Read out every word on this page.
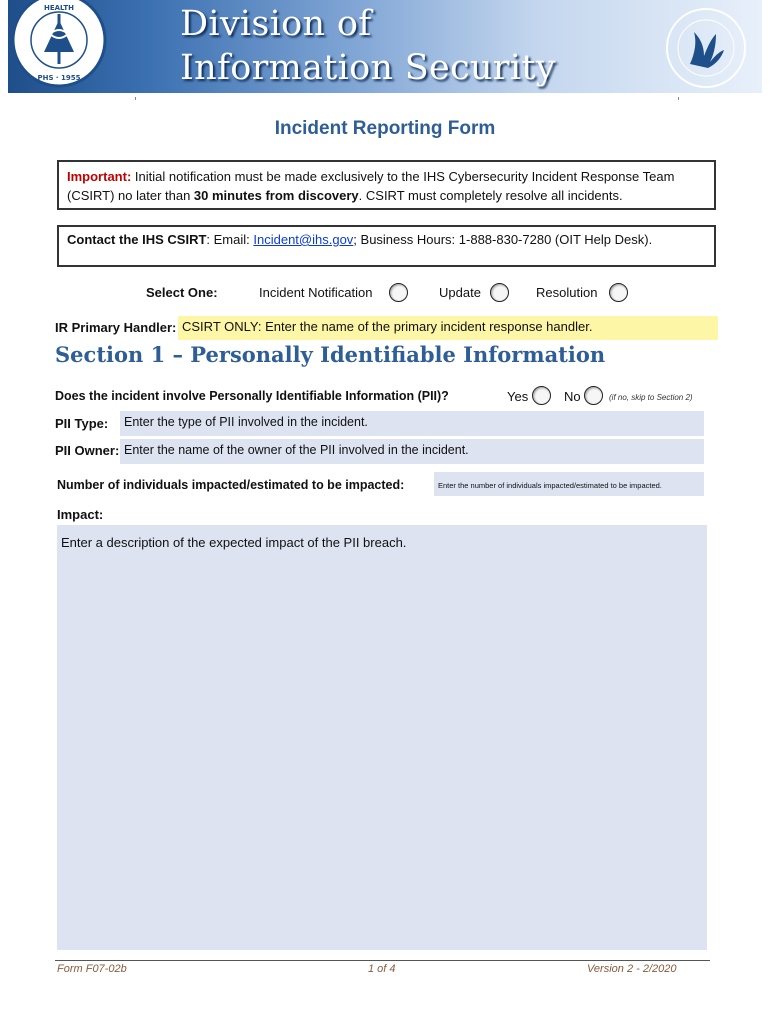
HEALTH
PHS · 1955
Division of
Information Security
Incident Reporting Form
Important: Initial notification must be made exclusively to the IHS Cybersecurity Incident Response Team (CSIRT) no later than 30 minutes from discovery. CSIRT must completely resolve all incidents.
Contact the IHS CSIRT: Email: Incident@ihs.gov; Business Hours: 1-888-830-7280 (OIT Help Desk).
Select One:	Incident Notification	Update	Resolution
IR Primary Handler: CSIRT ONLY: Enter the name of the primary incident response handler.
Section 1 – Personally Identifiable Information
Does the incident involve Personally Identifiable Information (PII)?	Yes	No	(if no, skip to Section 2)
PII Type:	Enter the type of PII involved in the incident.
PII Owner: Enter the name of the owner of the PII involved in the incident.
Number of individuals impacted/estimated to be impacted:	Enter the number of individuals impacted/estimated to be impacted.
Impact:
Enter a description of the expected impact of the PII breach.
Form F07-02b	1 of 4	Version 2 - 2/2020
